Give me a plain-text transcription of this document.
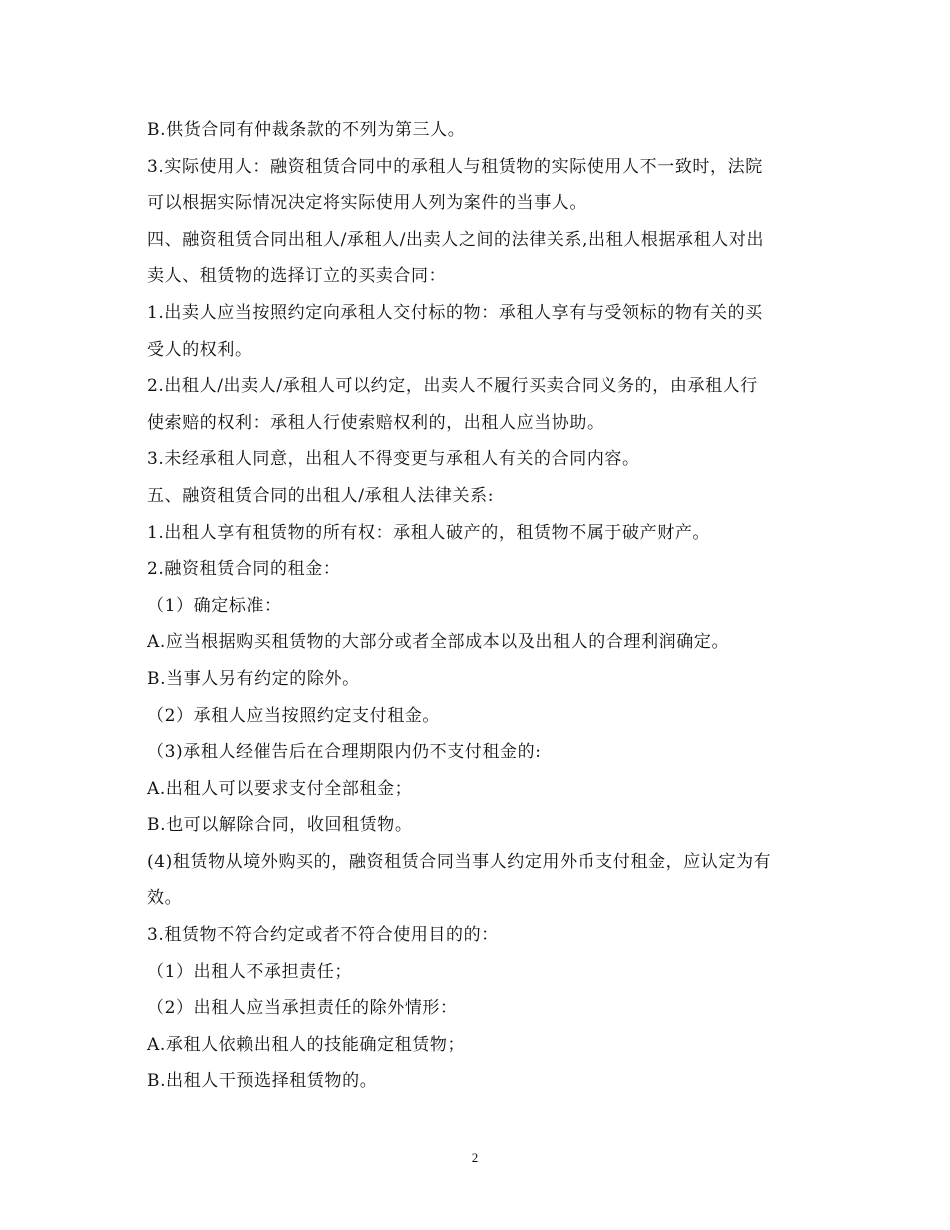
B.供货合同有仲裁条款的不列为第三人。
3.实际使用人：融资租赁合同中的承租人与租赁物的实际使用人不一致时，法院
可以根据实际情况决定将实际使用人列为案件的当事人。
四、融资租赁合同出租人/承租人/出卖人之间的法律关系,出租人根据承租人对出
卖人、租赁物的选择订立的买卖合同：
1.出卖人应当按照约定向承租人交付标的物：承租人享有与受领标的物有关的买
受人的权利。
2.出租人/出卖人/承租人可以约定，出卖人不履行买卖合同义务的，由承租人行
使索赔的权利：承租人行使索赔权利的，出租人应当协助。
3.未经承租人同意，出租人不得变更与承租人有关的合同内容。
五、融资租赁合同的出租人/承租人法律关系:
1.出租人享有租赁物的所有权：承租人破产的，租赁物不属于破产财产。
2.融资租赁合同的租金：
（1）确定标准：
A.应当根据购买租赁物的大部分或者全部成本以及出租人的合理利润确定。
B.当事人另有约定的除外。
（2）承租人应当按照约定支付租金。
（3)承租人经催告后在合理期限内仍不支付租金的:
A.出租人可以要求支付全部租金；
B.也可以解除合同，收回租赁物。
(4)租赁物从境外购买的，融资租赁合同当事人约定用外币支付租金，应认定为有
效。
3.租赁物不符合约定或者不符合使用目的的：
（1）出租人不承担责任；
（2）出租人应当承担责任的除外情形：
A.承租人依赖出租人的技能确定租赁物；
B.出租人干预选择租赁物的。
2
